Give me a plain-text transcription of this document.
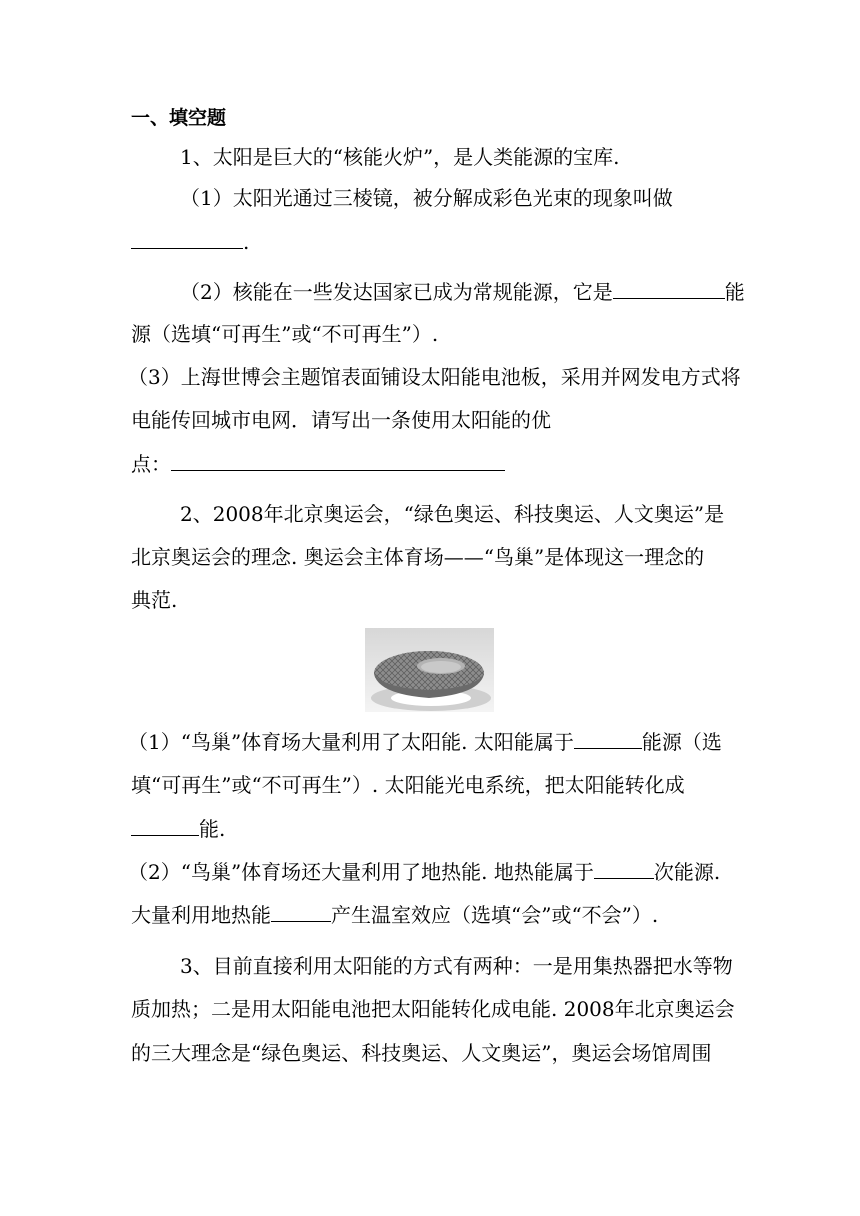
一、填空题
1、太阳是巨大的“核能火炉”，是人类能源的宝库.
（1）太阳光通过三棱镜，被分解成彩色光束的现象叫做
.
（2）核能在一些发达国家已成为常规能源，它是	能
源（选填“可再生”或“不可再生”）.
（3）上海世博会主题馆表面铺设太阳能电池板，采用并网发电方式将
电能传回城市电网．请写出一条使用太阳能的优
点：
2、2008年北京奥运会，“绿色奥运、科技奥运、人文奥运”是
北京奥运会的理念. 奥运会主体育场——“鸟巢”是体现这一理念的
典范.
（1）“鸟巢”体育场大量利用了太阳能. 太阳能属于	能源（选
填“可再生”或“不可再生”）. 太阳能光电系统，把太阳能转化成
能.
（2）“鸟巢”体育场还大量利用了地热能. 地热能属于	次能源.
大量利用地热能	产生温室效应（选填“会”或“不会”）.
3、目前直接利用太阳能的方式有两种：一是用集热器把水等物
质加热；二是用太阳能电池把太阳能转化成电能. 2008年北京奥运会
的三大理念是“绿色奥运、科技奥运、人文奥运”，奥运会场馆周围
